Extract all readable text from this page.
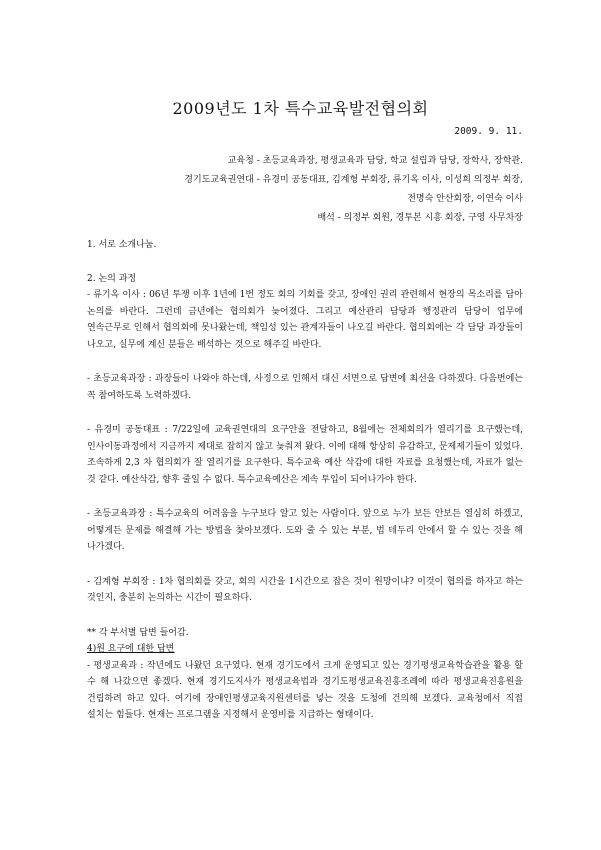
2009년도 1차 특수교육발전협의회
2009. 9. 11.
교육청 - 초등교육과장, 평생교육과 담당, 학교 설립과 담당, 장학사, 장학관.
경기도교육권연대 - 유경미 공동대표, 김계형 부회장, 류기옥 이사, 이성희 의정부 회장,
전명숙 안산회장, 이연숙 이사
배석 - 의정부 회원, 경투본 시흥 회장, 구영 사무차장

1. 서로 소개나눔.

2. 논의 과정

- 류기옥 이사 : 06년 투쟁 이후 1년에 1번 정도 회의 기회를 갖고, 장애인 권리 관련해서 현장의 목소리를 담아 논의를 바란다. 그런데 금년에는 협의회가 늦어졌다. 그리고 예산관리 담당과 행정관리 담당이 업무에 연속근무로 인해서 협의회에 못나왔는데, 책임성 있는 관계자들이 나오길 바란다. 협의회에는 각 담당 과장들이 나오고, 실무에 계신 분들은 배석하는 것으로 해주길 바란다.

- 초등교육과장 : 과장들이 나와야 하는데, 사정으로 인해서 대신 서면으로 답변에 최선을 다하겠다. 다음번에는 꼭 참여하도록 노력하겠다.

- 유경미 공동대표 : 7/22일에 교육권연대의 요구안을 전달하고, 8월에는 전체회의가 열리기를 요구했는데, 인사이동과정에서 지금까지 제대로 잡히지 않고 늦춰져 왔다. 이에 대해 항상히 유감하고, 문제제기들이 있었다. 조속하게 2,3 차 협의회가 잘 열리기를 요구한다. 특수교육 예산 삭감에 대한 자료를 요청했는데, 자료가 없는 것 같다. 예산삭감, 향후 줄일 수 없다. 특수교육예산은 계속 투입이 되어나가야 한다.

- 초등교육과장 : 특수교육의 어려움을 누구보다 알고 있는 사람이다. 앞으로 누가 보든 안보든 열심히 하겠고, 어떻게든 문제를 해결해 가는 방법을 찾아보겠다. 도와 줄 수 있는 부분, 법 테두리 안에서 할 수 있는 것을 해 나가겠다.

- 김계형 부회장 : 1차 협의회를 갖고, 회의 시간을 1시간으로 잡은 것이 원망이냐? 이것이 협의를 하자고 하는 것인지, 충분히 논의하는 시간이 필요하다.

** 각 부서별 답변 들어감.

4)원 요구에 대한 답변

- 평생교육과 : 작년에도 나왔던 요구였다. 현재 경기도에서 크게 운영되고 있는 경기평생교육학습관을 활용 할 수 해 나갔으면 좋겠다. 현재 경기도지사가 평생교육법과 경기도평생교육진흥조례에 따라 평생교육진흥원을 건립하려 하고 있다. 여기에 장애인평생교육지원센터를 넣는 것을 도청에 건의해 보겠다. 교육청에서 직접 설치는 힘들다. 현재는 프로그램을 지정해서 운영비를 지급하는 형태이다.
